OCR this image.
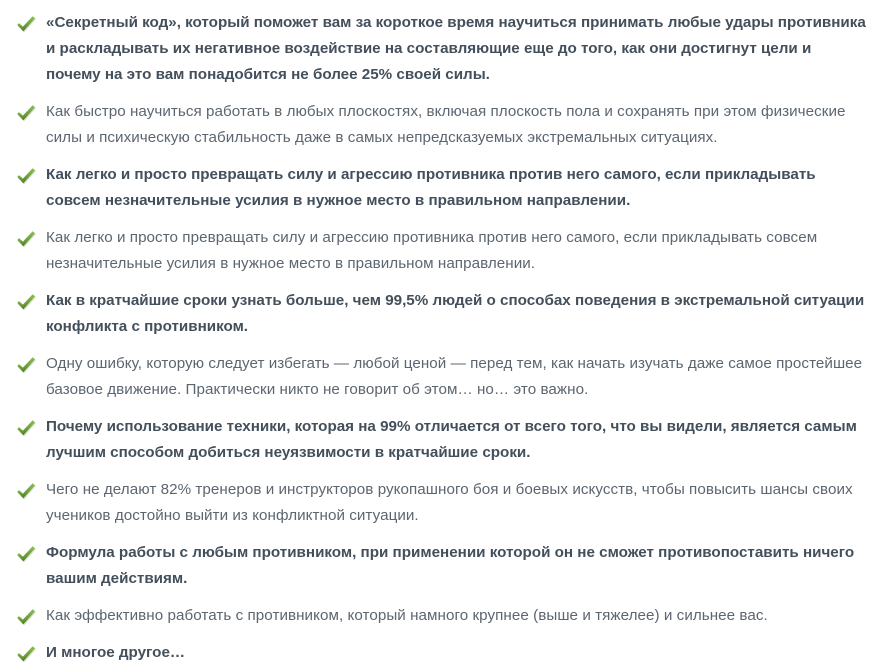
«Секретный код», который поможет вам за короткое время научиться принимать любые удары противника и раскладывать их негативное воздействие на составляющие еще до того, как они достигнут цели и почему на это вам понадобится не более 25% своей силы.
Как быстро научиться работать в любых плоскостях, включая плоскость пола и сохранять при этом физические силы и психическую стабильность даже в самых непредсказуемых экстремальных ситуациях.
Как легко и просто превращать силу и агрессию противника против него самого, если прикладывать совсем незначительные усилия в нужное место в правильном направлении.
Как легко и просто превращать силу и агрессию противника против него самого, если прикладывать совсем незначительные усилия в нужное место в правильном направлении.
Как в кратчайшие сроки узнать больше, чем 99,5% людей о способах поведения в экстремальной ситуации конфликта с противником.
Одну ошибку, которую следует избегать — любой ценой — перед тем, как начать изучать даже самое простейшее базовое движение. Практически никто не говорит об этом… но… это важно.
Почему использование техники, которая на 99% отличается от всего того, что вы видели, является самым лучшим способом добиться неуязвимости в кратчайшие сроки.
Чего не делают 82% тренеров и инструкторов рукопашного боя и боевых искусств, чтобы повысить шансы своих учеников достойно выйти из конфликтной ситуации.
Формула работы с любым противником, при применении которой он не сможет противопоставить ничего вашим действиям.
Как эффективно работать с противником, который намного крупнее (выше и тяжелее) и сильнее вас.
И многое другое…
